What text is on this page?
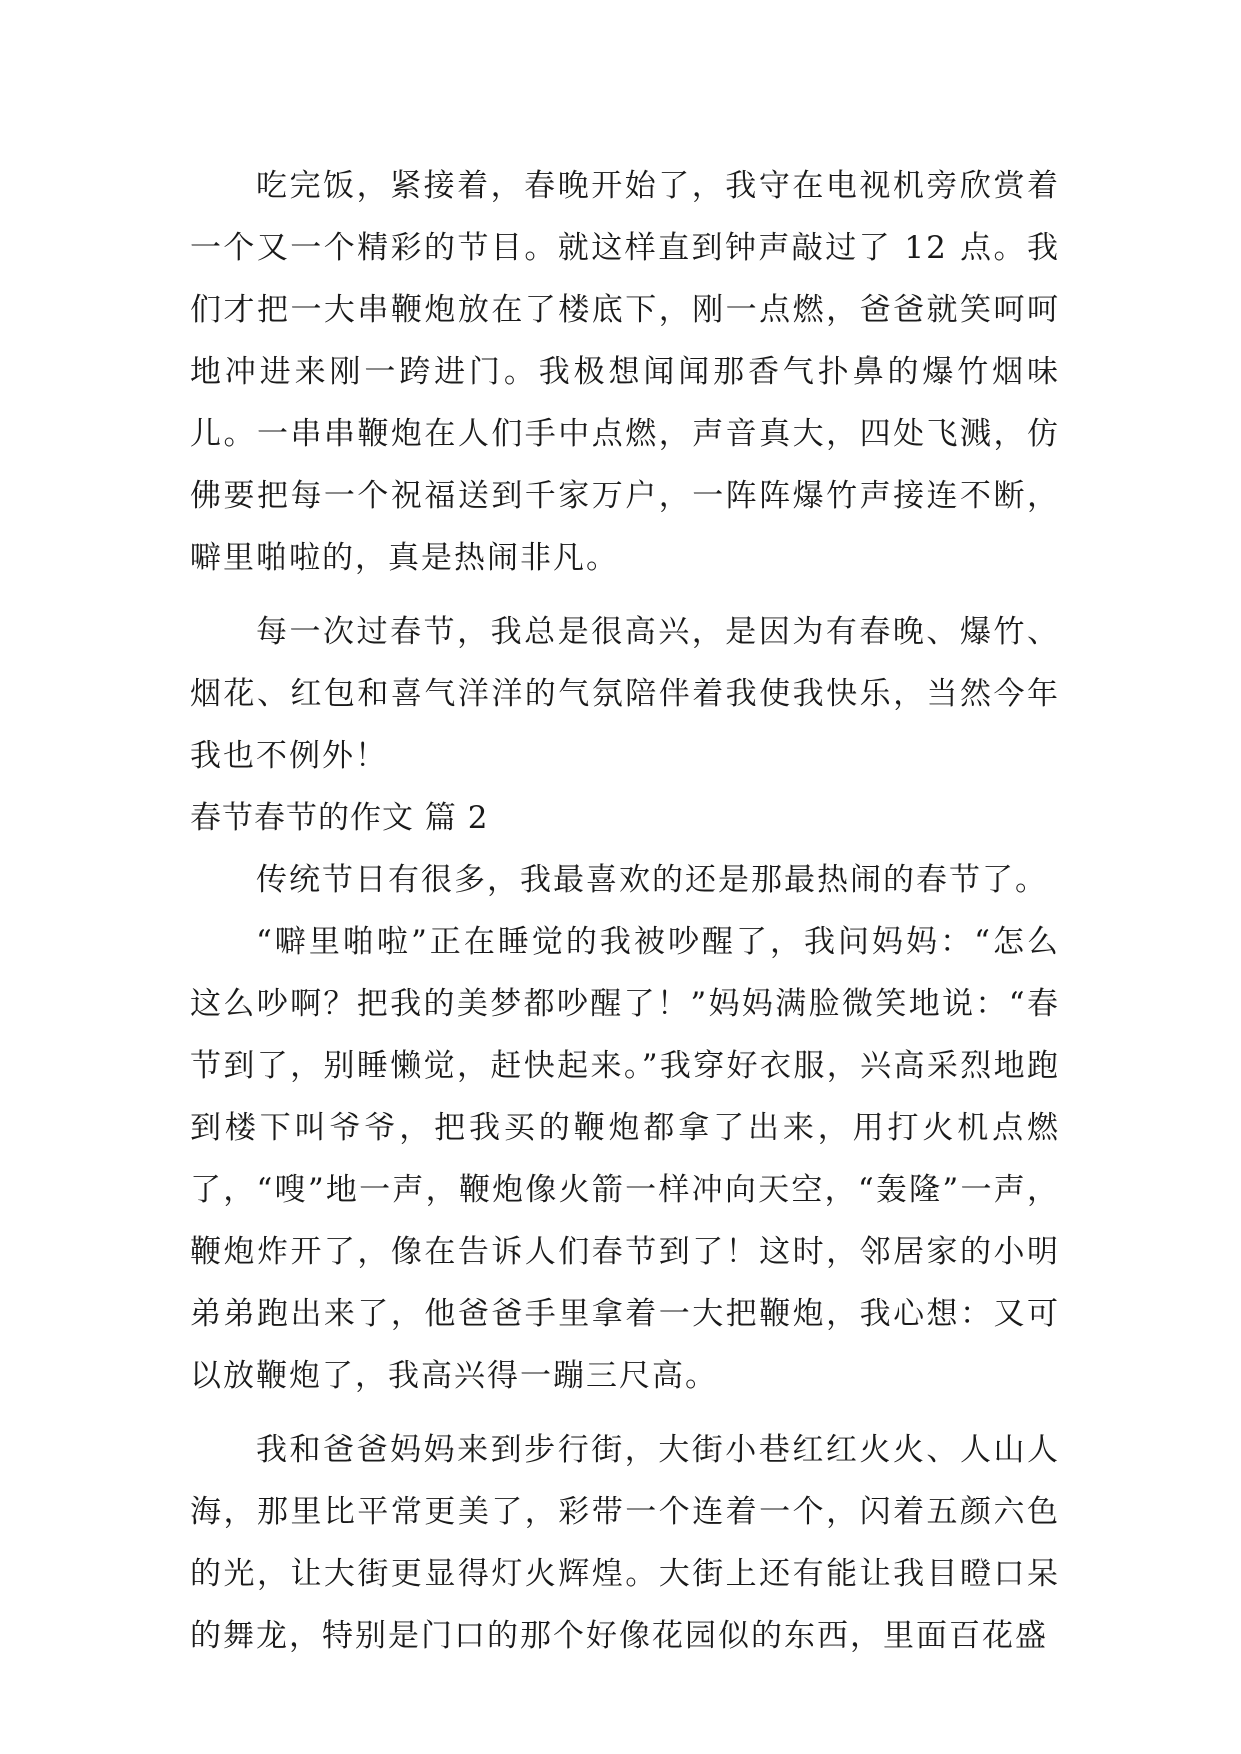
吃完饭，紧接着，春晚开始了，我守在电视机旁欣赏着一个又一个精彩的节目。就这样直到钟声敲过了 12 点。我们才把一大串鞭炮放在了楼底下，刚一点燃，爸爸就笑呵呵地冲进来刚一跨进门。我极想闻闻那香气扑鼻的爆竹烟味儿。一串串鞭炮在人们手中点燃，声音真大，四处飞溅，仿佛要把每一个祝福送到千家万户，一阵阵爆竹声接连不断，噼里啪啦的，真是热闹非凡。

每一次过春节，我总是很高兴，是因为有春晚、爆竹、烟花、红包和喜气洋洋的气氛陪伴着我使我快乐，当然今年我也不例外！

春节春节的作文 篇 2

传统节日有很多，我最喜欢的还是那最热闹的春节了。

“噼里啪啦”正在睡觉的我被吵醒了，我问妈妈：“怎么这么吵啊？把我的美梦都吵醒了！”妈妈满脸微笑地说：“春节到了，别睡懒觉，赶快起来。”我穿好衣服，兴高采烈地跑到楼下叫爷爷，把我买的鞭炮都拿了出来，用打火机点燃了，“嗖”地一声，鞭炮像火箭一样冲向天空，“轰隆”一声，鞭炮炸开了，像在告诉人们春节到了！这时，邻居家的小明弟弟跑出来了，他爸爸手里拿着一大把鞭炮，我心想：又可以放鞭炮了，我高兴得一蹦三尺高。

我和爸爸妈妈来到步行街，大街小巷红红火火、人山人海，那里比平常更美了，彩带一个连着一个，闪着五颜六色的光，让大街更显得灯火辉煌。大街上还有能让我目瞪口呆的舞龙，特别是门口的那个好像花园似的东西，里面百花盛
